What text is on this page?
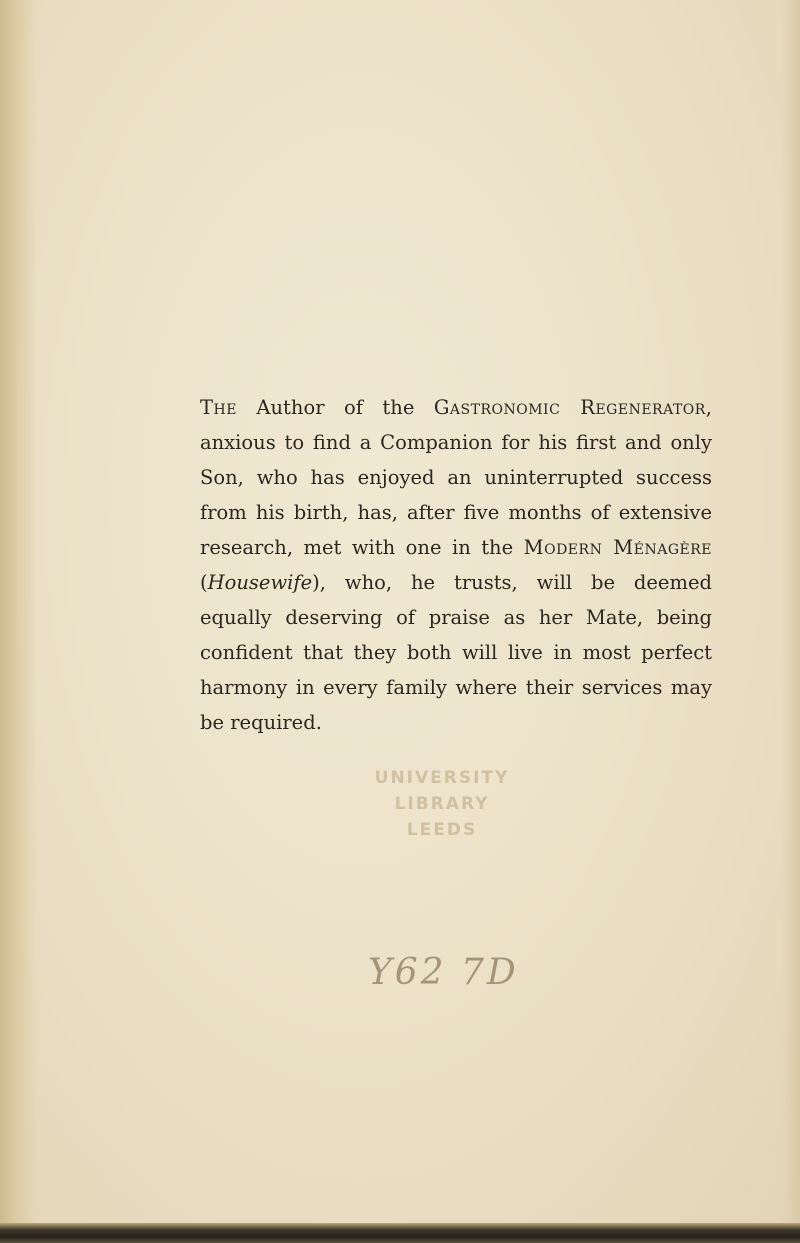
The Author of the Gastronomic Regenerator, anxious to find a Companion for his first and only Son, who has enjoyed an uninterrupted success from his birth, has, after five months of extensive research, met with one in the Modern Ménagère (Housewife), who, he trusts, will be deemed equally deserving of praise as her Mate, being confident that they both will live in most perfect harmony in every family where their services may be required.

UNIVERSITY
LIBRARY
LEEDS
Y62 7D
